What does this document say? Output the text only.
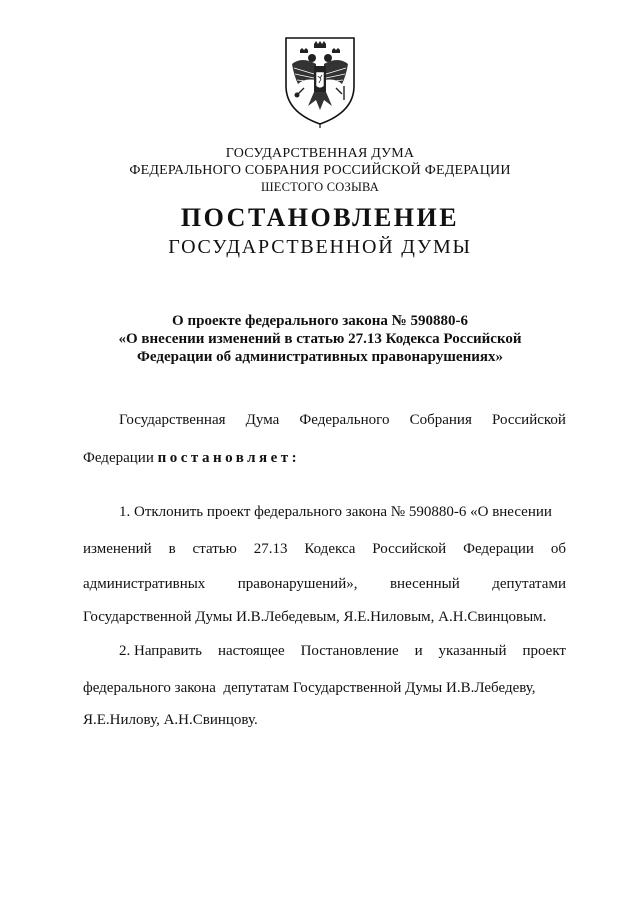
ГОСУДАРСТВЕННАЯ ДУМА
ФЕДЕРАЛЬНОГО СОБРАНИЯ РОССИЙСКОЙ ФЕДЕРАЦИИ
ШЕСТОГО СОЗЫВА
ПОСТАНОВЛЕНИЕ
ГОСУДАРСТВЕННОЙ ДУМЫ
О проекте федерального закона № 590880-6
«О внесении изменений в статью 27.13 Кодекса Российской
Федерации об административных правонарушениях»
Государственная Дума Федерального Собрания Российской
Федерации постановляет:
1. Отклонить проект федерального закона № 590880-6 «О внесении
изменений в статью 27.13 Кодекса Российской Федерации об
административных правонарушений», внесенный депутатами
Государственной Думы И.В.Лебедевым, Я.Е.Ниловым, А.Н.Свинцовым.
2. Направить настоящее Постановление и указанный проект
федерального закона  депутатам Государственной Думы И.В.Лебедеву,
Я.Е.Нилову, А.Н.Свинцову.
